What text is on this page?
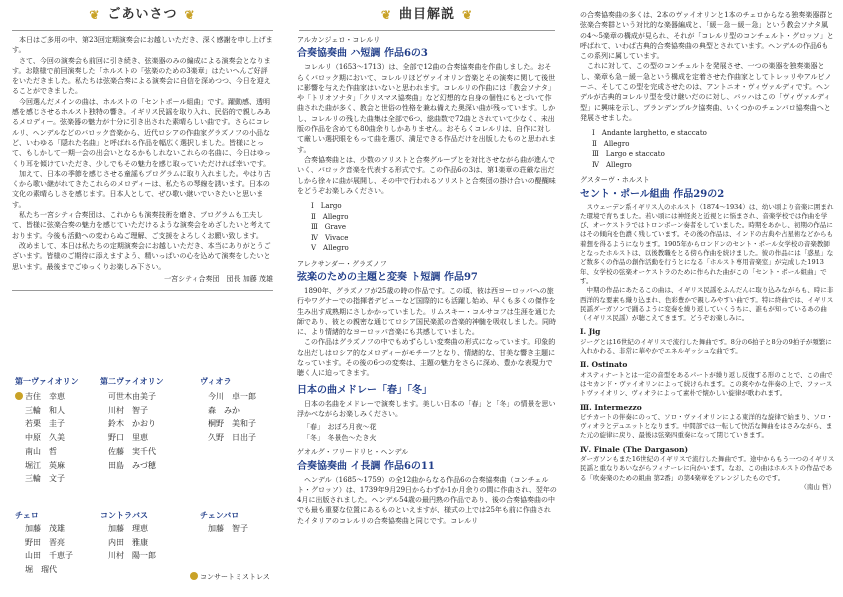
❦ ごあいさつ ❦

本日はご多用の中、第23回定期演奏会にお越しいただき、深く感謝を申し上げます。

さて、今回の演奏会も前回に引き続き、弦楽器のみの編成による演奏会となります。お陰様で前回演奏した「ホルストの「弦楽のための3楽章」はたいへんご好評をいただきました。私たちは弦楽合奏による演奏会に自信を深めつつ、今日を迎えることができました。

今回選んだメインの曲は、ホルストの「セントポール組曲」です。躍動感、透明感を感じさせるホルスト独特の響き。イギリス民謡を取り入れ、民俗的で親しみあるメロディー。弦楽器の魅力が十分に引き出された素晴らしい曲です。さらにコレルリ、ヘンデルなどのバロック音楽から、近代ロシアの作曲家グラズノフの小品など、いわゆる「隠れた名曲」と呼ばれる作品を幅広く選択しました。皆様にとって、もしかして一期一会の出会いとなるかもしれないこれらの名曲に、今日はゆっくり耳を傾けていただき、少しでもその魅力を感じ取っていただければ幸いです。

加えて、日本の季節を感じさせる童謡もプログラムに取り入れました。やはり古くから歌い継がれてきたこれらのメロディーは、私たちの琴線を誘います。日本の文化の素晴らしさを感じます。日本人として、ぜひ歌い継いでいきたいと思います。

私たち一宮シティ合奏団は、これからも演奏技術を磨き、プログラムも工夫して、皆様に弦楽合奏の魅力を感じていただけるような演奏会をめざしたいと考えております。今後も活動への変わらぬご理解、ご支援をよろしくお願い致します。

改めまして、本日は私たちの定期演奏会にお越しいただき、本当にありがとうございます。皆様のご期待に添えますよう、精いっぱいの心を込めて演奏をしたいと思います。最後までごゆっくりお楽しみ下さい。

一宮シティ合奏団　団長 加藤 茂雄
第一ヴァイオリン
吉住　幸恵
三輪　和人
若栗　圭子
中原　久美
南山　哲
堀江　英麻
三輪　文子
第二ヴァイオリン
可世木由美子
川村　智子
鈴木　かおり
野口　里恵
佐藤　実千代
田島　みづ穂
ヴィオラ
今川　卓一郎
森　みか
桐野　美和子
久野　日出子
チェロ
加藤　茂雄
野田　晋亮
山田　千恵子
堀　瑠代
コントラバス
加藤　理恵
内田　雅康
川村　陽一郎
チェンバロ
加藤　智子
コンサートミストレス
❦ 曲目解説 ❦
アルカンジェロ・コレルリ
合奏協奏曲 ハ短調 作品6の3

コレルリ（1653～1713）は、全部で12曲の合奏協奏曲を作曲しました。おそらくバロック期において、コレルリほどヴァイオリン音楽とその演奏に関して後世に影響を与えた作曲家はいないと思われます。コレルリの作曲には「教会ソナタ」や「トリオソナタ」「クリスマス協奏曲」など幻想的な自身の個性にもとづいて作曲された曲が多く、教会と世俗の性格を兼ね備えた奥深い曲が残っています。しかし、コレルリの残した曲集は全部で6つ、総曲数で72曲とされていて少なく、未出版の作品を含めても80曲余りしかありません。おそらくコレルリは、自作に対して厳しい選択眼をもって曲を選び、満足できる作品だけを出版したものと思われます。

合奏協奏曲とは、少数のソリストと合奏グループとを対比させながら曲が進んでいく、バロック音楽を代表する形式です。この作品6の3は、第1楽章の荘厳な出だしから徐々に曲が展開し、その中で行われるソリストと合奏団の掛け合いの醍醐味をどうぞお楽しみください。

Ⅰ　Largo
Ⅱ　Allegro
Ⅲ　Grave
Ⅳ　Vivace
Ⅴ　Allegro
アレクサンダー・グラズノフ
弦楽のための主題と変奏 ト短調 作品97

1890年、グラズノフが25歳の時の作品です。この頃、彼は西ヨーロッパへの旅行やワグナーでの指揮者デビューなど国際的にも活躍し始め、早くも多くの傑作を生み出す成熟期にさしかかっていました。リムスキー・コルサコフは生涯を通じた師であり、彼との親密な通じてロシア国民楽派の音楽的神髄を吸収しました。同時に、より情緒的なヨーロッパ音楽にも共感していました。

この作品はグラズノフの中でもめずらしい変奏曲の形式になっています。印象的な出だしはロシア的なメロディーがモチーフとなり、情緒的な、甘美な響き主題になっています。その後の6つの変奏は、主題の魅力をさらに深め、豊かな表現力で聴く人に迫ってきます。

日本の曲メドレー「春」「冬」

日本の名曲をメドレーで演奏します。美しい日本の「春」と「冬」の情景を思い浮かべながらお楽しみください。

「春」　おぼろ月夜～花
「冬」　冬景色～たき火
ゲオルグ・フリードリヒ・ヘンデル
合奏協奏曲 イ長調 作品6の11

ヘンデル（1685～1759）の全12曲からなる作品6の合奏協奏曲（コンチェルト・グロッソ）は、1739年9月29日からわずか1か月余りの間に作曲され、翌年の4月に出版されました。ヘンデル54歳の最円熟の作品であり、後の合奏協奏曲の中でも最も重要な位置にあるものといえますが、様式の上では25年も前に作曲されたイタリアのコレルリの合奏協奏曲と同じです。コレルリ

の合奏協奏曲の多くは、2本のヴァイオリンと1本のチェロからなる独奏楽器群と弦楽合奏群という対比的な楽器編成と、「緩－急－緩－急」という教会ソナタ風の4～5楽章の構成が見られ、それが「コレルリ型のコンチェルト・グロッソ」と呼ばれて、いわば古典的合奏協奏曲の典型とされています。ヘンデルの作品6もこの系列に属しています。

これに対して、この型のコンチェルトを発展させ、一つの楽器を独奏楽器とし、楽章も急－緩－急という構成を定着させた作曲家としてトレッリやアルビノーニ、そしてこの型を完成させたのは、アントニオ・ヴィヴァルディです。ヘンデルが古典的コレルリ型を受け継いだのに対し、バッハはこの「ヴィヴァルディ型」に興味を示し、ブランデンブルク協奏曲、いくつかのチェンバロ協奏曲へと発展させました。

Ⅰ　Andante larghetto, e staccato
Ⅱ　Allegro
Ⅲ　Largo e staccato
Ⅳ　Allegro
グスターヴ・ホルスト
セント・ポール組曲 作品29の2

スウェーデン系イギリス人のホルスト（1874～1934）は、幼い頃より音楽に囲まれた環境で育ちました。若い頃には神経炎と近視とに悩まされ、音楽学校では作曲を学び、オーケストラではトロンボーン奏者をしていました。時期をあかし、初期の作品にはその傾向を色濃く残しています。その後の作品は、インドの古典や占星術などからも着想を得るようになります。1905年からロンドンのセント・ポール女学校の音楽教師となったホルストは、以後教職をとる傍ら作曲を続けました。彼の作品には「惑星」など数多くの作品の創作活動を行うとになる「ホルスト専用音楽室」が完成した1913年、女学校の弦楽オーケストラのために作られた曲がこの「セント・ポール組曲」です。

中期の作品にあたるこの曲は、イギリス民謡をふんだんに取り込みながらも、時に非西洋的な要素も織り込まれ、色彩豊かで親しみやすい曲です。特に終曲では、イギリス民謡ダーガソンで踊るように変奏を繰り返していくうちに、誰もが知っているあの曲（イギリス民謡）が聴こえてきます。どうぞお楽しみに。

Ⅰ. Jig
ジーグとは16世紀のイギリスで流行した舞曲です。8分の6拍子と8分の9拍子が頻繁に入れかわる、非常に華やかでエネルギッシュな曲です。
Ⅱ. Ostinato
オスティナートとは一定の音型をあるパートが繰り返し反復する形のことで、この曲ではセカンド・ヴァイオリンによって続けられます。この爽やかな伴奏の上で、ファーストヴァイオリン、ヴィオラによって素朴で懐かしい旋律が歌われます。
Ⅲ. Intermezzo
ピチカートの伴奏にのって、ソロ・ヴァイオリンによる東洋的な旋律で始まり、ソロ・ヴィオラとデュエットとなります。中間部では一転して快活な舞曲をはさみながら、また元の旋律に戻り、最後は弦楽四重奏になって閉じていきます。
Ⅳ. Finale (The Dargason)
ダーガソンもまた16世紀のイギリスで流行した舞曲です。途中からもう一つのイギリス民謡と重なりあいながらフィナーレに向かいます。なお、この曲はホルストの作品である「吹奏楽のための組曲 第2番」の第4楽章をアレンジしたものです。
（南山 哲）
